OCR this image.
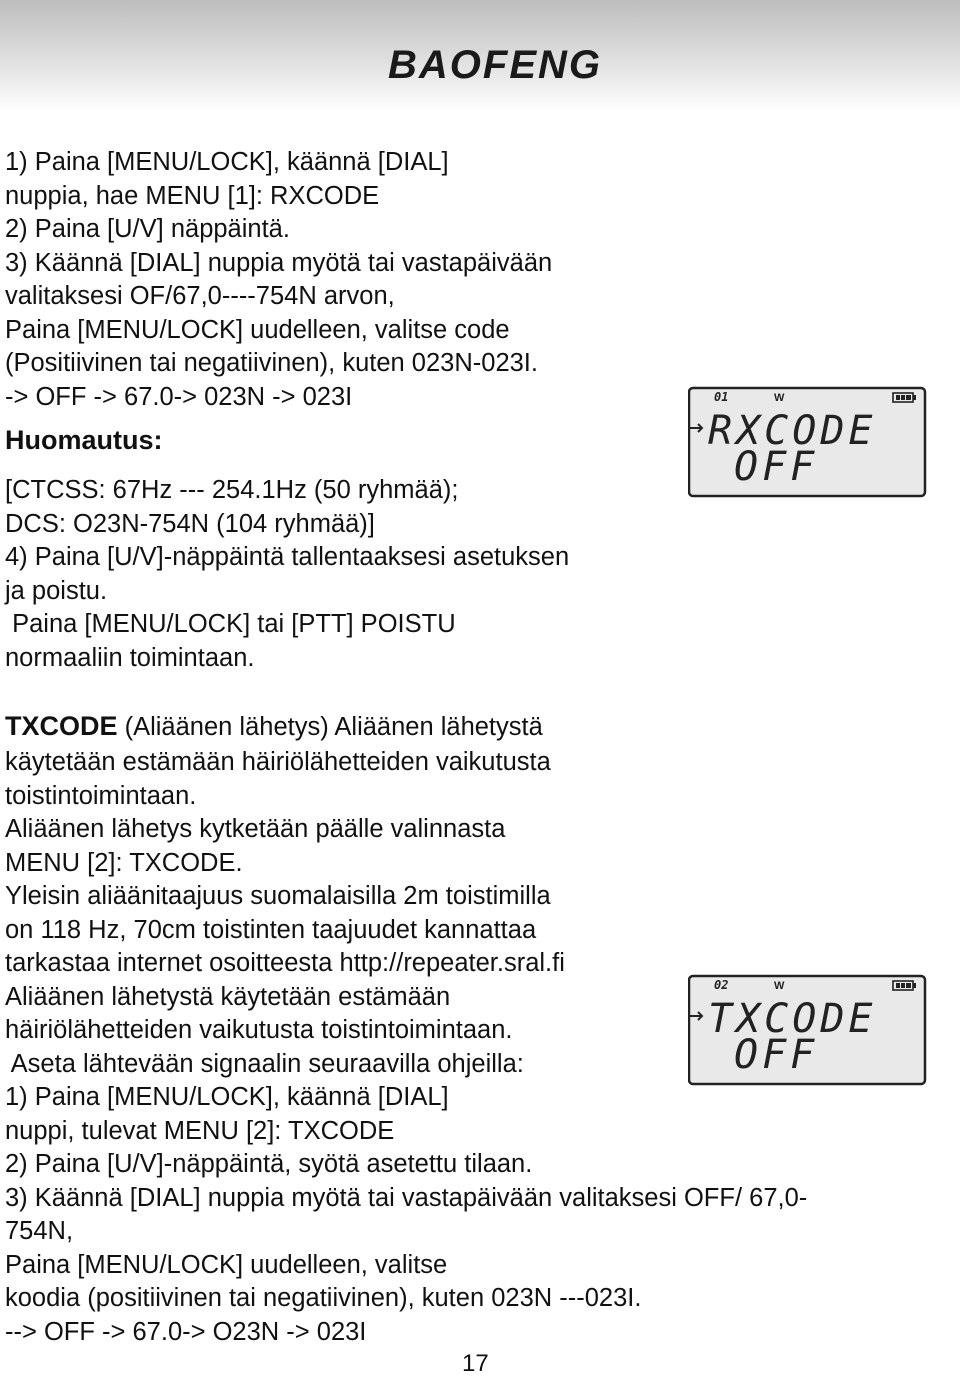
BAOFENG
1) Paina [MENU/LOCK], käännä [DIAL]
nuppia, hae MENU [1]: RXCODE
2) Paina [U/V] näppäintä.
3) Käännä [DIAL] nuppia myötä tai vastapäivään
valitaksesi OF/67,0----754N arvon,
Paina [MENU/LOCK] uudelleen, valitse code
(Positiivinen tai negatiivinen), kuten 023N-023I.
-> OFF -> 67.0-> 023N -> 023I
Huomautus:
[CTCSS: 67Hz --- 254.1Hz (50 ryhmää);
DCS: O23N-754N (104 ryhmää)]
4) Paina [U/V]-näppäintä tallentaaksesi asetuksen
ja poistu.
Paina [MENU/LOCK] tai [PTT] POISTU
normaaliin toimintaan.
TXCODE (Aliäänen lähetys) Aliäänen lähetystä
käytetään estämään häiriölähetteiden vaikutusta
toistintoimintaan.
Aliäänen lähetys kytketään päälle valinnasta
MENU [2]: TXCODE.
Yleisin aliäänitaajuus suomalaisilla 2m toistimilla
on 118 Hz, 70cm toistinten taajuudet kannattaa
tarkastaa internet osoitteesta http://repeater.sral.fi
Aliäänen lähetystä käytetään estämään
häiriölähetteiden vaikutusta toistintoimintaan.
Aseta lähtevään signaalin seuraavilla ohjeilla:
1) Paina [MENU/LOCK], käännä [DIAL]
nuppi, tulevat MENU [2]: TXCODE
2) Paina [U/V]-näppäintä, syötä asetettu tilaan.
3) Käännä [DIAL] nuppia myötä tai vastapäivään valitaksesi OFF/ 67,0-
754N,
Paina [MENU/LOCK] uudelleen, valitse
koodia (positiivinen tai negatiivinen), kuten 023N ---023I.
--> OFF -> 67.0-> O23N -> 023I
01	W
RXCODE
OFF
02	W
TXCODE
OFF
17
